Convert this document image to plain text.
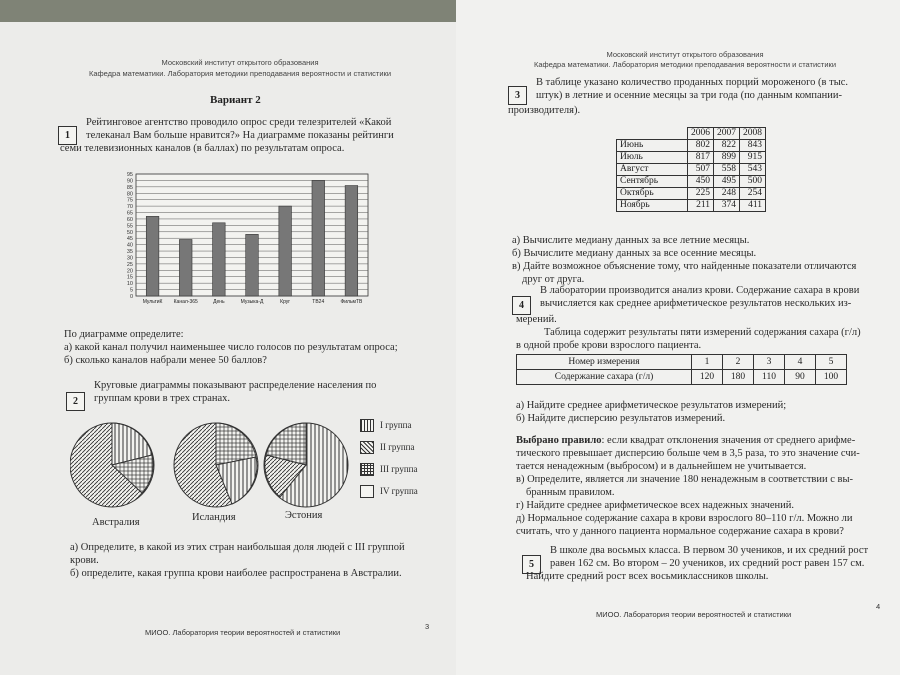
Московский институт открытого образования
Кафедра математики. Лаборатория методики преподавания вероятности и статистики
Вариант 2
1
Рейтинговое агентство проводило опрос среди телезрителей «Какой
телеканал Вам больше нравится?» На диаграмме показаны рейтинги
семи телевизионных каналов (в баллах) по результатам опроса.
0
5
10
15
20
25
30
35
40
45
50
55
60
65
70
75
80
85
90
95
МультиК Канал-365	День	Музыка-Д	Круг	ТВ24	ФильмТВ
По диаграмме определите:
а) какой канал получил наименьшее число голосов по результатам опроса;
б) сколько каналов набрали менее 50 баллов?
2
Круговые диаграммы показывают распределение населения по
группам крови в трех странах.
Австралия	Исландия	Эстония
I группа
II группа
III группа
IV группа
а) Определите, в какой из этих стран наибольшая доля людей с III группой
крови.
б) определите, какая группа крови наиболее распространена в Австралии.
МИОО. Лаборатория теории вероятностей и статистики
3
Московский институт открытого образования
Кафедра математики. Лаборатория методики преподавания вероятности и статистики
3
В таблице указано количество проданных порций мороженого (в тыс.
штук) в летние и осенние месяцы за три года (по данным компании-
производителя).
	2006	2007	2008
Июнь	802	822	843
Июль	817	899	915
Август	507	558	543
Сентябрь	450	495	500
Октябрь	225	248	254
Ноябрь	211	374	411
а) Вычислите медиану данных за все летние месяцы.
б) Вычислите медиану данных за все осенние месяцы.
в) Дайте возможное объяснение тому, что найденные показатели отличаются
друг от друга.
4
В лаборатории производится анализ крови. Содержание сахара в крови
вычисляется как среднее арифметическое результатов нескольких из-
мерений.
Таблица содержит результаты пяти измерений содержания сахара (г/л)
в одной пробе крови взрослого пациента.
Номер измерения	1	2	3	4	5
Содержание сахара (г/л)	120	180	110	90	100
а) Найдите среднее арифметическое результатов измерений;
б) Найдите дисперсию результатов измерений.
Выбрано правило: если квадрат отклонения значения от среднего арифме-
тического превышает дисперсию больше чем в 3,5 раза, то это значение счи-
тается ненадежным (выбросом) и в дальнейшем не учитывается.
в) Определите, является ли значение 180 ненадежным в соответствии с вы-
бранным правилом.
г) Найдите среднее арифметическое всех надежных значений.
д) Нормальное содержание сахара в крови взрослого 80–110 г/л. Можно ли
считать, что у данного пациента нормальное содержание сахара в крови?
5
В школе два восьмых класса. В первом 30 учеников, и их средний рост
равен 162 см. Во втором – 20 учеников, их средний рост равен 157 см.
Найдите средний рост всех восьмиклассников школы.
МИОО. Лаборатория теории вероятностей и статистики
4
